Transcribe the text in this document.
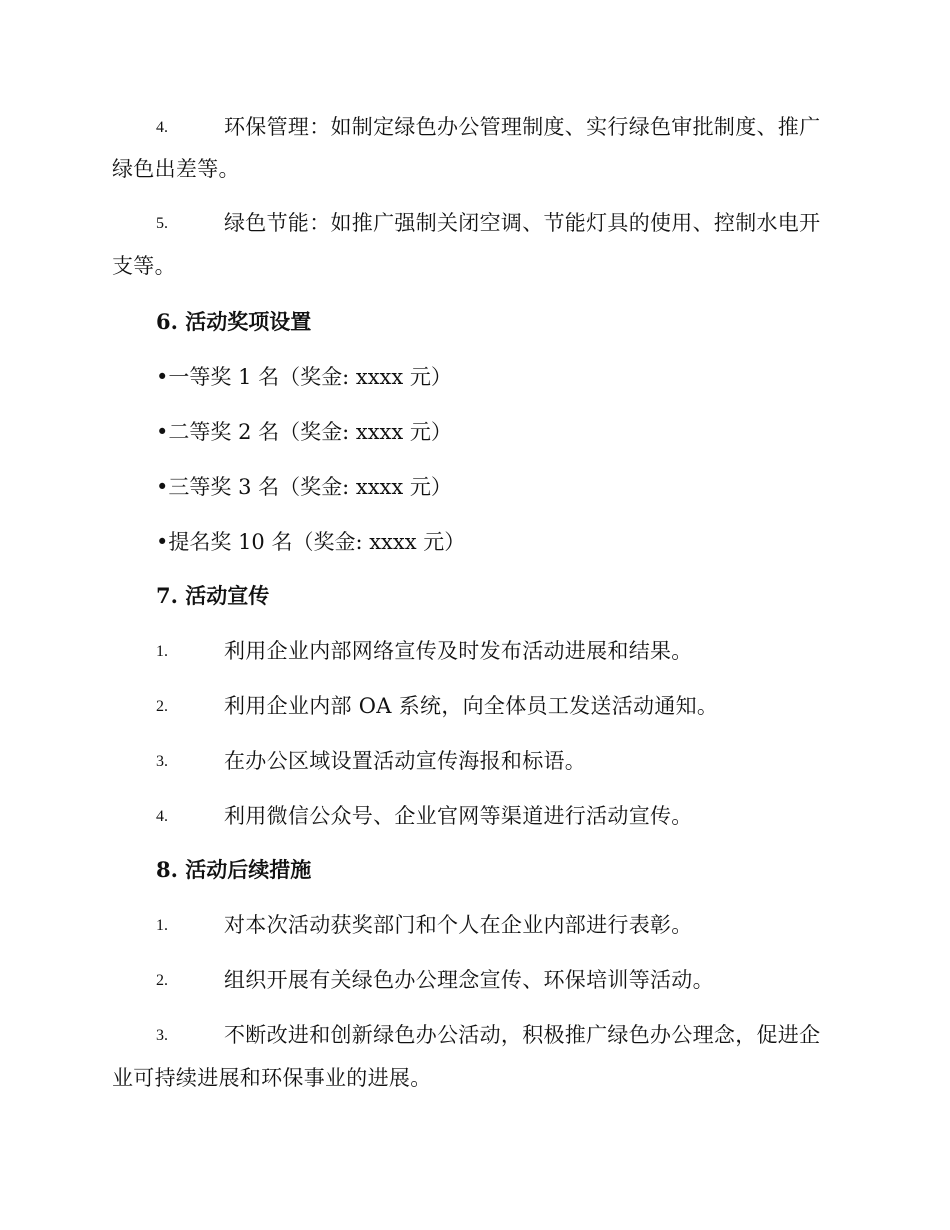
4.	环保管理：如制定绿色办公管理制度、实行绿色审批制度、推广
绿色出差等。
5.	绿色节能：如推广强制关闭空调、节能灯具的使用、控制水电开
支等。
6. 活动奖项设置
•一等奖 1 名（奖金: xxxx 元）
•二等奖 2 名（奖金: xxxx 元）
•三等奖 3 名（奖金: xxxx 元）
•提名奖 10 名（奖金: xxxx 元）
7. 活动宣传
1.	利用企业内部网络宣传及时发布活动进展和结果。
2.	利用企业内部 OA 系统，向全体员工发送活动通知。
3.	在办公区域设置活动宣传海报和标语。
4.	利用微信公众号、企业官网等渠道进行活动宣传。
8. 活动后续措施
1.	对本次活动获奖部门和个人在企业内部进行表彰。
2.	组织开展有关绿色办公理念宣传、环保培训等活动。
3.	不断改进和创新绿色办公活动，积极推广绿色办公理念，促进企
业可持续进展和环保事业的进展。
